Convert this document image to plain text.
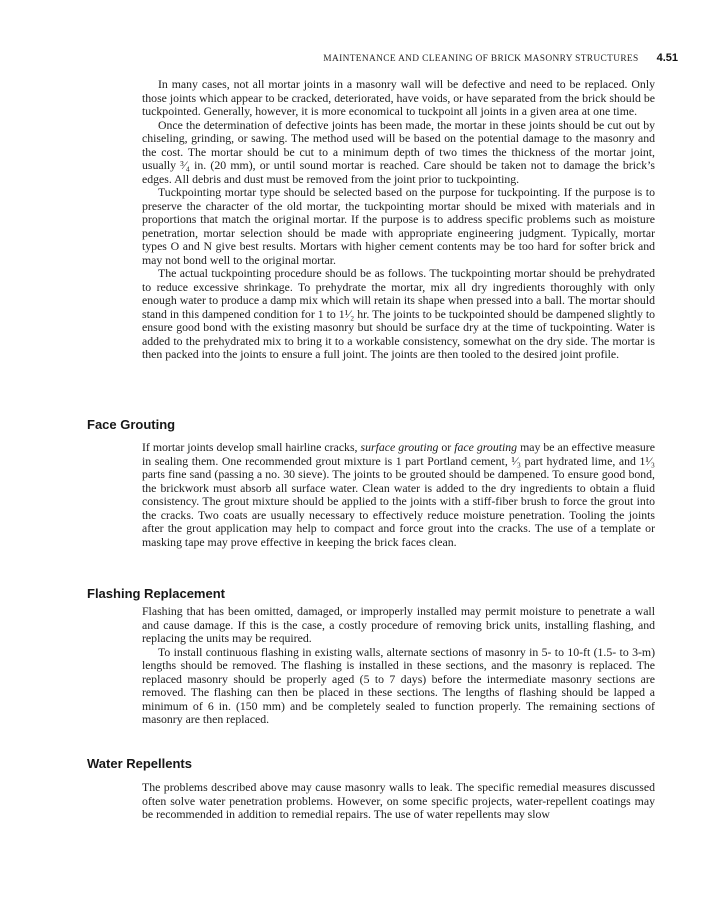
MAINTENANCE AND CLEANING OF BRICK MASONRY STRUCTURES 4.51

In many cases, not all mortar joints in a masonry wall will be defective and need to be replaced. Only those joints which appear to be cracked, deteriorated, have voids, or have separated from the brick should be tuckpointed. Generally, however, it is more economical to tuckpoint all joints in a given area at one time.

Once the determination of defective joints has been made, the mortar in these joints should be cut out by chiseling, grinding, or sawing. The method used will be based on the potential damage to the masonry and the cost. The mortar should be cut to a minimum depth of two times the thickness of the mortar joint, usually ³⁄₄ in. (20 mm), or until sound mortar is reached. Care should be taken not to damage the brick’s edges. All debris and dust must be removed from the joint prior to tuckpointing.

Tuckpointing mortar type should be selected based on the purpose for tuckpointing. If the purpose is to preserve the character of the old mortar, the tuckpointing mortar should be mixed with materials and in proportions that match the original mortar. If the purpose is to address specific problems such as moisture penetration, mortar selection should be made with appropriate engineering judgment. Typically, mortar types O and N give best results. Mortars with higher cement contents may be too hard for softer brick and may not bond well to the original mortar.

The actual tuckpointing procedure should be as follows. The tuckpointing mortar should be prehydrated to reduce excessive shrinkage. To prehydrate the mortar, mix all dry ingredients thoroughly with only enough water to produce a damp mix which will retain its shape when pressed into a ball. The mortar should stand in this dampened condition for 1 to 1¹⁄₂ hr. The joints to be tuckpointed should be dampened slightly to ensure good bond with the existing masonry but should be surface dry at the time of tuckpointing. Water is added to the prehydrated mix to bring it to a workable consistency, somewhat on the dry side. The mortar is then packed into the joints to ensure a full joint. The joints are then tooled to the desired joint profile.

Face Grouting

If mortar joints develop small hairline cracks, surface grouting or face grouting may be an effective measure in sealing them. One recommended grout mixture is 1 part Portland cement, ¹⁄₃ part hydrated lime, and 1¹⁄₃ parts fine sand (passing a no. 30 sieve). The joints to be grouted should be dampened. To ensure good bond, the brickwork must absorb all surface water. Clean water is added to the dry ingredients to obtain a fluid consistency. The grout mixture should be applied to the joints with a stiff-fiber brush to force the grout into the cracks. Two coats are usually necessary to effectively reduce moisture penetration. Tooling the joints after the grout application may help to compact and force grout into the cracks. The use of a template or masking tape may prove effective in keeping the brick faces clean.

Flashing Replacement

Flashing that has been omitted, damaged, or improperly installed may permit moisture to penetrate a wall and cause damage. If this is the case, a costly procedure of removing brick units, installing flashing, and replacing the units may be required.

To install continuous flashing in existing walls, alternate sections of masonry in 5- to 10-ft (1.5- to 3-m) lengths should be removed. The flashing is installed in these sections, and the masonry is replaced. The replaced masonry should be properly aged (5 to 7 days) before the intermediate masonry sections are removed. The flashing can then be placed in these sections. The lengths of flashing should be lapped a minimum of 6 in. (150 mm) and be completely sealed to function properly. The remaining sections of masonry are then replaced.

Water Repellents

The problems described above may cause masonry walls to leak. The specific remedial measures discussed often solve water penetration problems. However, on some specific projects, water-repellent coatings may be recommended in addition to remedial repairs. The use of water repellents may slow
